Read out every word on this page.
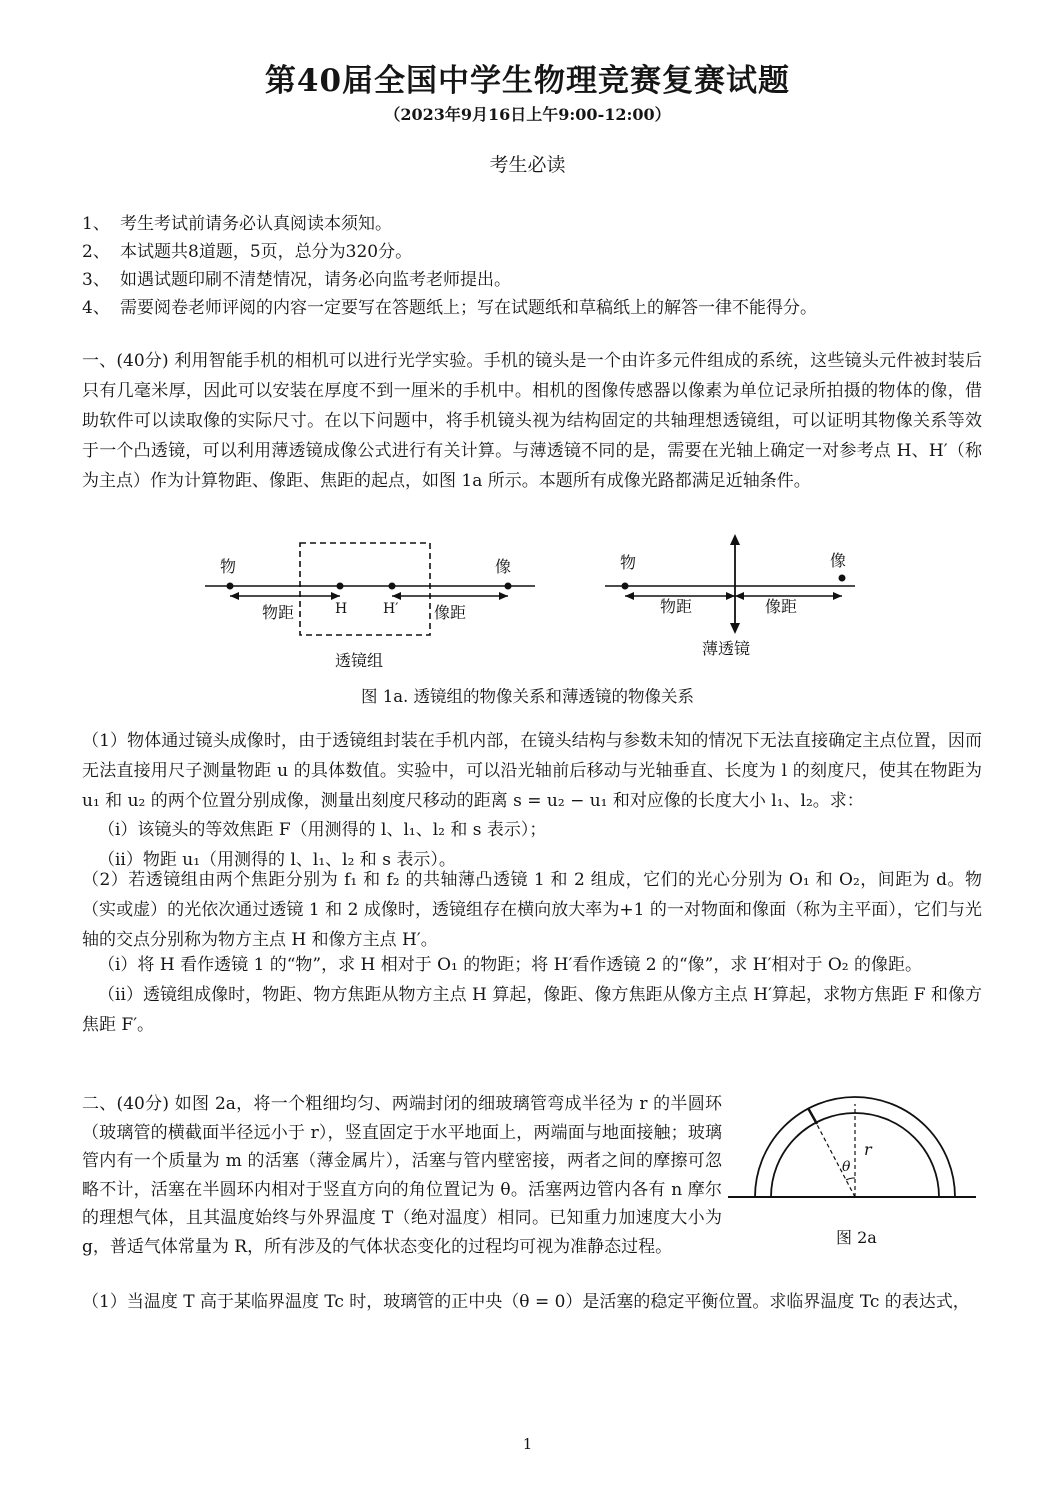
第40届全国中学生物理竞赛复赛试题
（2023年9月16日上午9:00-12:00）
考生必读
1、 考生考试前请务必认真阅读本须知。
2、 本试题共8道题，5页，总分为320分。
3、 如遇试题印刷不清楚情况，请务必向监考老师提出。
4、 需要阅卷老师评阅的内容一定要写在答题纸上；写在试题纸和草稿纸上的解答一律不能得分。
一、(40分) 利用智能手机的相机可以进行光学实验。手机的镜头是一个由许多元件组成的系统，这些镜头元件被封装后只有几毫米厚，因此可以安装在厚度不到一厘米的手机中。相机的图像传感器以像素为单位记录所拍摄的物体的像，借助软件可以读取像的实际尺寸。在以下问题中，将手机镜头视为结构固定的共轴理想透镜组，可以证明其物像关系等效于一个凸透镜，可以利用薄透镜成像公式进行有关计算。与薄透镜不同的是，需要在光轴上确定一对参考点 H、H′（称为主点）作为计算物距、像距、焦距的起点，如图 1a 所示。本题所有成像光路都满足近轴条件。
物	像
物距	H	H′ 像距
透镜组
物	像
物距	像距
薄透镜
图 1a. 透镜组的物像关系和薄透镜的物像关系
（1）物体通过镜头成像时，由于透镜组封装在手机内部，在镜头结构与参数未知的情况下无法直接确定主点位置，因而无法直接用尺子测量物距 u 的具体数值。实验中，可以沿光轴前后移动与光轴垂直、长度为 l 的刻度尺，使其在物距为 u₁ 和 u₂ 的两个位置分别成像，测量出刻度尺移动的距离 s = u₂ − u₁ 和对应像的长度大小 l₁、l₂。求：
（i）该镜头的等效焦距 F（用测得的 l、l₁、l₂ 和 s 表示）；
（ii）物距 u₁（用测得的 l、l₁、l₂ 和 s 表示）。
（2）若透镜组由两个焦距分别为 f₁ 和 f₂ 的共轴薄凸透镜 1 和 2 组成，它们的光心分别为 O₁ 和 O₂，间距为 d。物（实或虚）的光依次通过透镜 1 和 2 成像时，透镜组存在横向放大率为+1 的一对物面和像面（称为主平面），它们与光轴的交点分别称为物方主点 H 和像方主点 H′。
（i）将 H 看作透镜 1 的“物”，求 H 相对于 O₁ 的物距；将 H′看作透镜 2 的“像”，求 H′相对于 O₂ 的像距。
（ii）透镜组成像时，物距、物方焦距从物方主点 H 算起，像距、像方焦距从像方主点 H′算起，求物方焦距 F 和像方焦距 F′。
二、(40分) 如图 2a，将一个粗细均匀、两端封闭的细玻璃管弯成半径为 r 的半圆环（玻璃管的横截面半径远小于 r），竖直固定于水平地面上，两端面与地面接触；玻璃管内有一个质量为 m 的活塞（薄金属片），活塞与管内壁密接，两者之间的摩擦可忽略不计，活塞在半圆环内相对于竖直方向的角位置记为 θ。活塞两边管内各有 n 摩尔的理想气体，且其温度始终与外界温度 T（绝对温度）相同。已知重力加速度大小为 g，普适气体常量为 R，所有涉及的气体状态变化的过程均可视为准静态过程。
r
θ
图 2a
（1）当温度 T 高于某临界温度 Tc 时，玻璃管的正中央（θ = 0）是活塞的稳定平衡位置。求临界温度 Tc 的表达式，
1
